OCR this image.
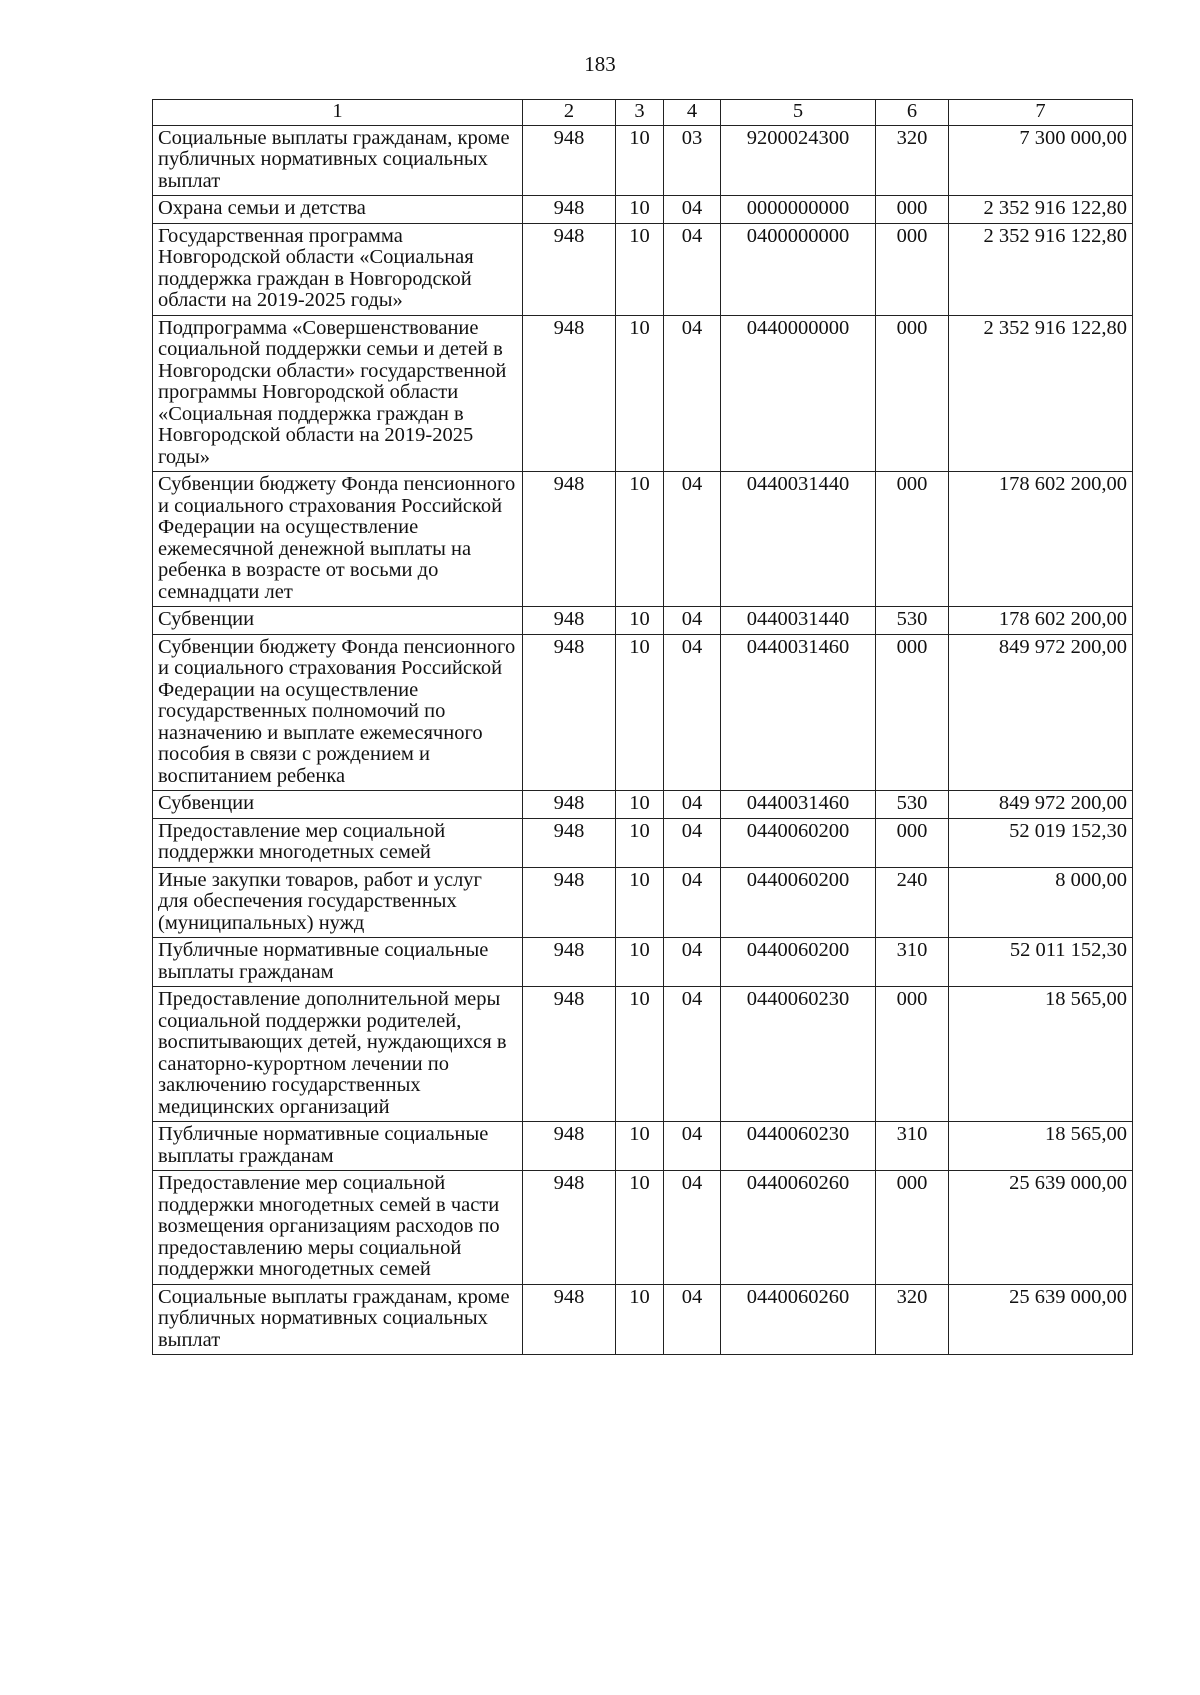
183
1	2	3	4	5	6	7
Социальные выплаты гражданам, кроме публичных нормативных социальных выплат	948	10	03	9200024300	320	7 300 000,00
Охрана семьи и детства	948	10	04	0000000000	000	2 352 916 122,80
Государственная программа Новгородской области «Социальная поддержка граждан в Новгородской области на 2019-2025 годы»	948	10	04	0400000000	000	2 352 916 122,80
Подпрограмма «Совершенствование социальной поддержки семьи и детей в Новгородски области» государственной программы Новгородской области «Социальная поддержка граждан в Новгородской области на 2019-2025 годы»	948	10	04	0440000000	000	2 352 916 122,80
Субвенции бюджету Фонда пенсионного и социального страхования Российской Федерации на осуществление ежемесячной денежной выплаты на ребенка в возрасте от восьми до семнадцати лет	948	10	04	0440031440	000	178 602 200,00
Субвенции	948	10	04	0440031440	530	178 602 200,00
Субвенции бюджету Фонда пенсионного и социального страхования Российской Федерации на осуществление государственных полномочий по назначению и выплате ежемесячного пособия в связи с рождением и воспитанием ребенка	948	10	04	0440031460	000	849 972 200,00
Субвенции	948	10	04	0440031460	530	849 972 200,00
Предоставление мер социальной поддержки многодетных семей	948	10	04	0440060200	000	52 019 152,30
Иные закупки товаров, работ и услуг для обеспечения государственных (муниципальных) нужд	948	10	04	0440060200	240	8 000,00
Публичные нормативные социальные выплаты гражданам	948	10	04	0440060200	310	52 011 152,30
Предоставление дополнительной меры социальной поддержки родителей, воспитывающих детей, нуждающихся в санаторно-курортном лечении по заключению государственных медицинских организаций	948	10	04	0440060230	000	18 565,00
Публичные нормативные социальные выплаты гражданам	948	10	04	0440060230	310	18 565,00
Предоставление мер социальной поддержки многодетных семей в части возмещения организациям расходов по предоставлению меры социальной поддержки многодетных семей	948	10	04	0440060260	000	25 639 000,00
Социальные выплаты гражданам, кроме публичных нормативных социальных выплат	948	10	04	0440060260	320	25 639 000,00
